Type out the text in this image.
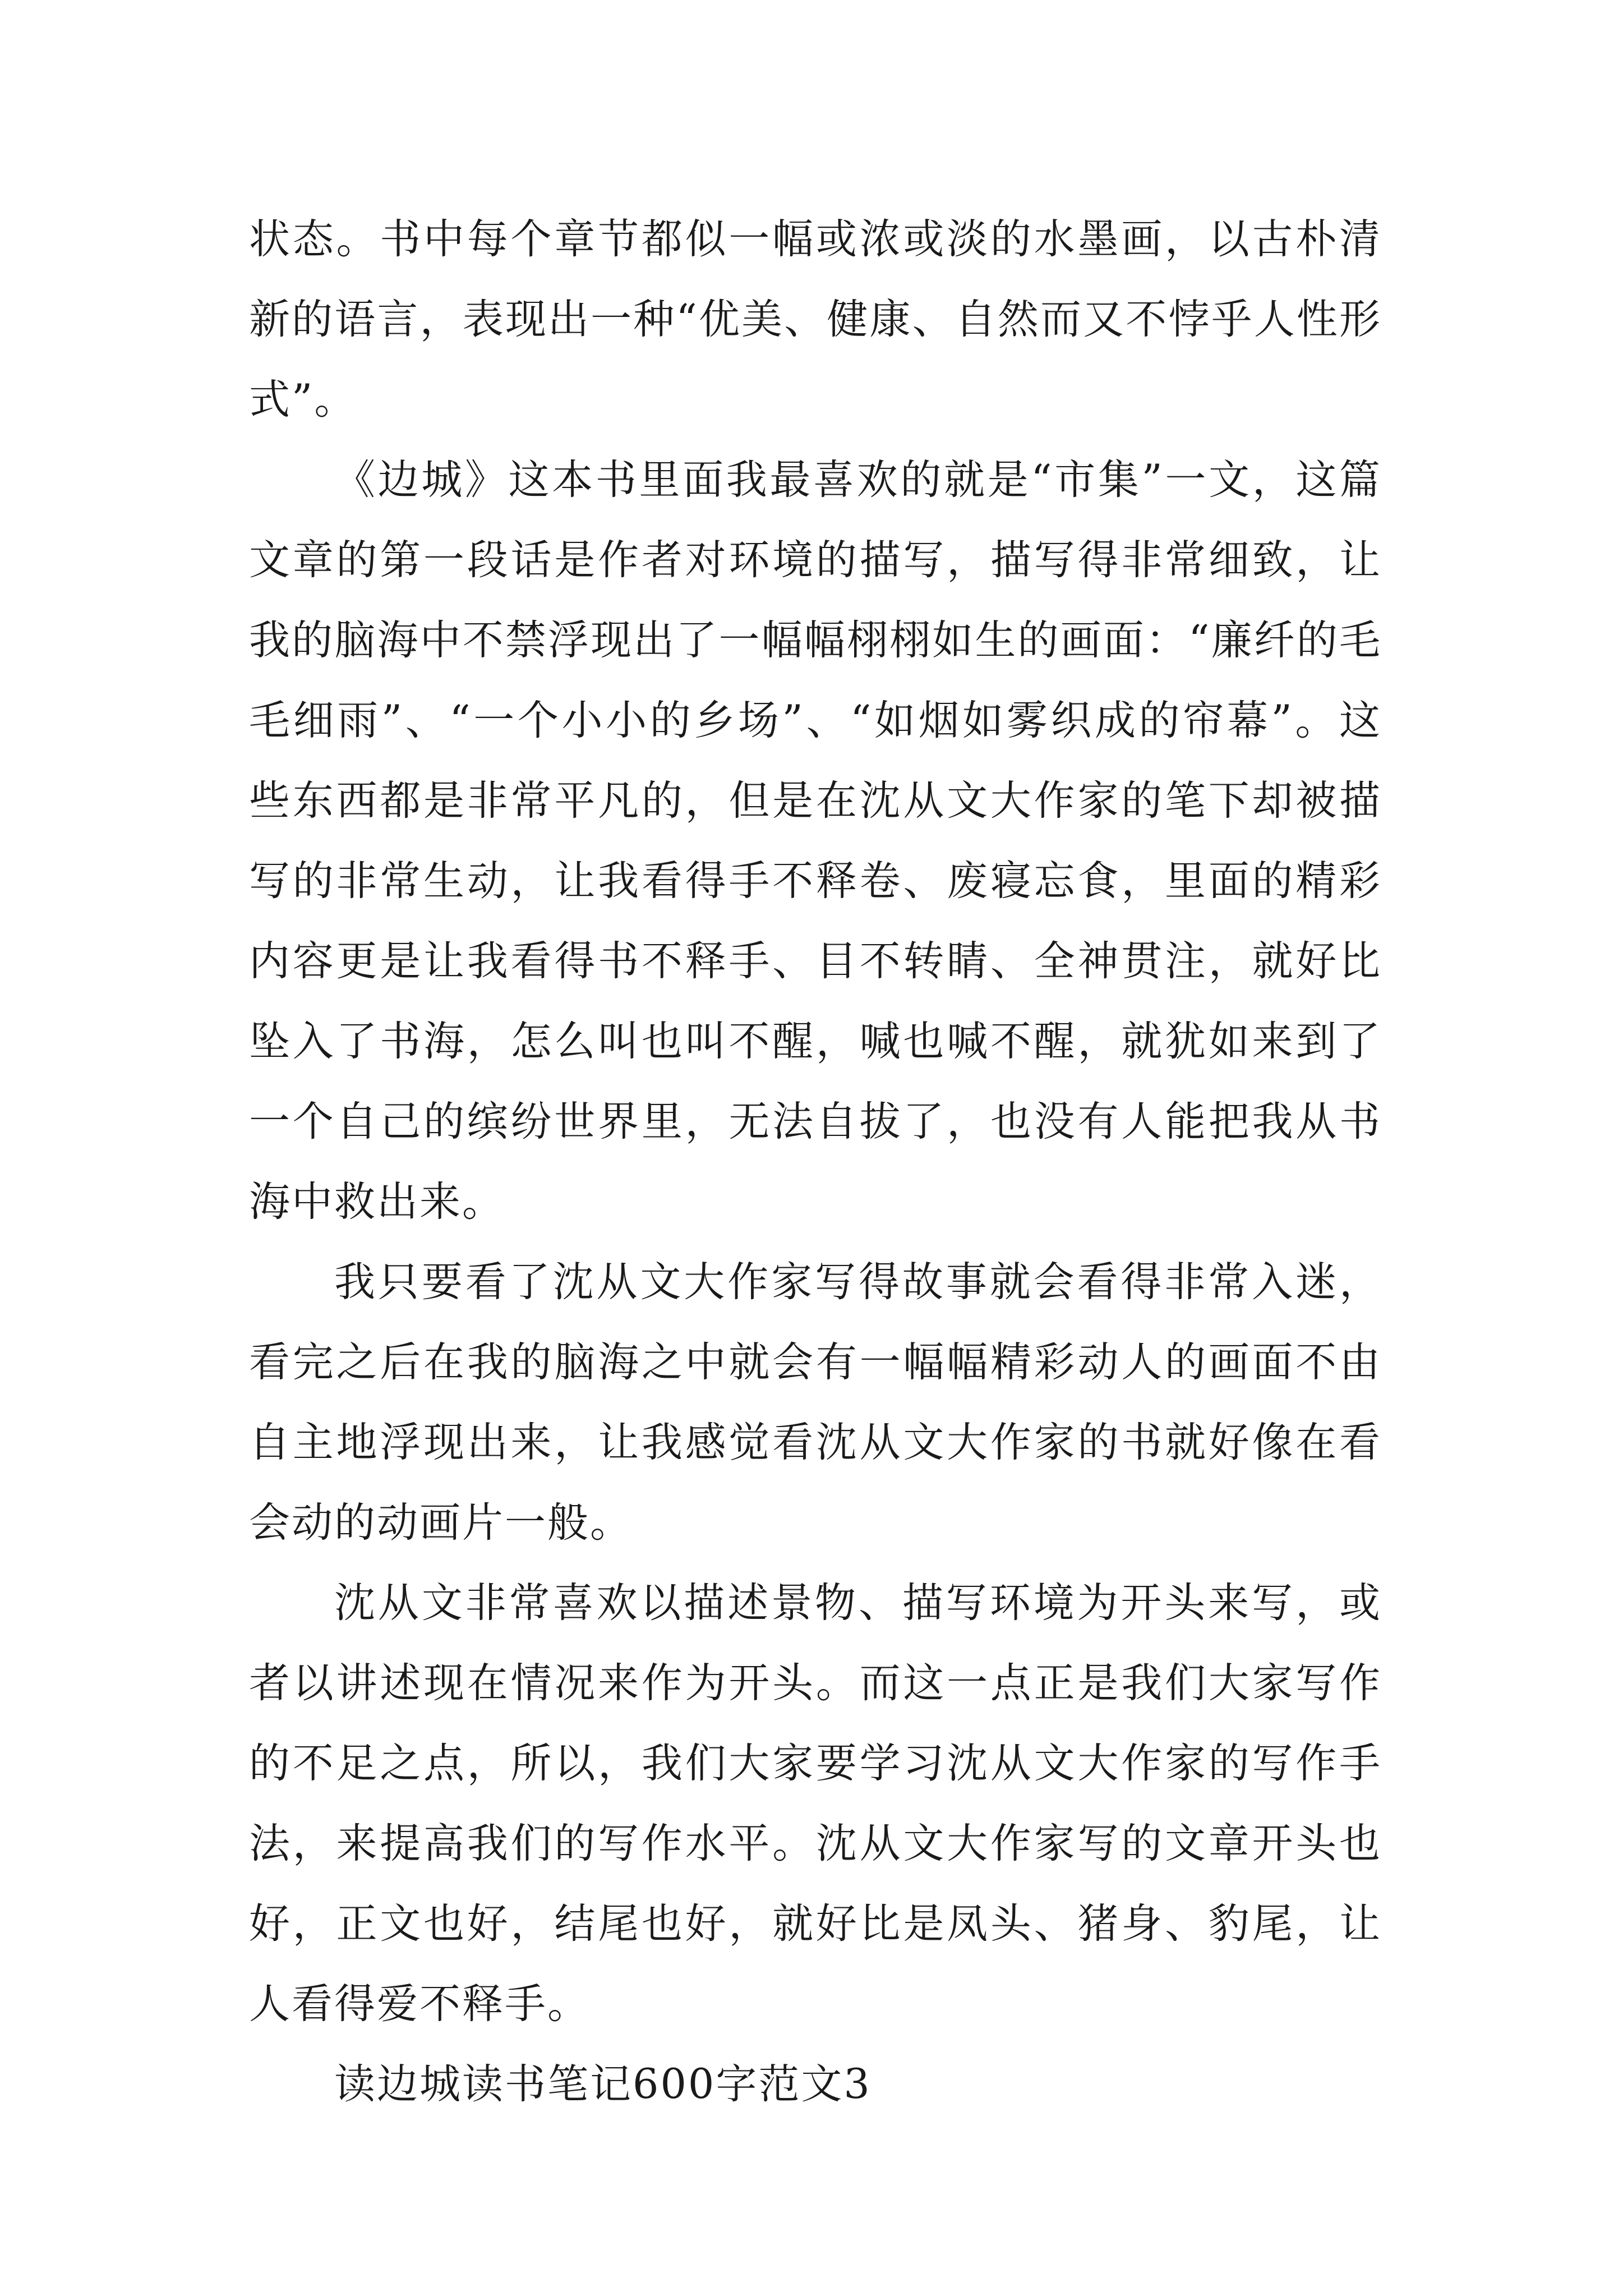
状态。书中每个章节都似一幅或浓或淡的水墨画，以古朴清新的语言，表现出一种“优美、健康、自然而又不悖乎人性形式”。

《边城》这本书里面我最喜欢的就是“市集”一文，这篇文章的第一段话是作者对环境的描写，描写得非常细致，让我的脑海中不禁浮现出了一幅幅栩栩如生的画面：“廉纤的毛毛细雨”、“一个小小的乡场”、“如烟如雾织成的帘幕”。这些东西都是非常平凡的，但是在沈从文大作家的笔下却被描写的非常生动，让我看得手不释卷、废寝忘食，里面的精彩内容更是让我看得书不释手、目不转睛、全神贯注，就好比坠入了书海，怎么叫也叫不醒，喊也喊不醒，就犹如来到了一个自己的缤纷世界里，无法自拔了，也没有人能把我从书海中救出来。

我只要看了沈从文大作家写得故事就会看得非常入迷，看完之后在我的脑海之中就会有一幅幅精彩动人的画面不由自主地浮现出来，让我感觉看沈从文大作家的书就好像在看会动的动画片一般。

沈从文非常喜欢以描述景物、描写环境为开头来写，或者以讲述现在情况来作为开头。而这一点正是我们大家写作的不足之点，所以，我们大家要学习沈从文大作家的写作手法，来提高我们的写作水平。沈从文大作家写的文章开头也好，正文也好，结尾也好，就好比是凤头、猪身、豹尾，让人看得爱不释手。

读边城读书笔记600字范文3
